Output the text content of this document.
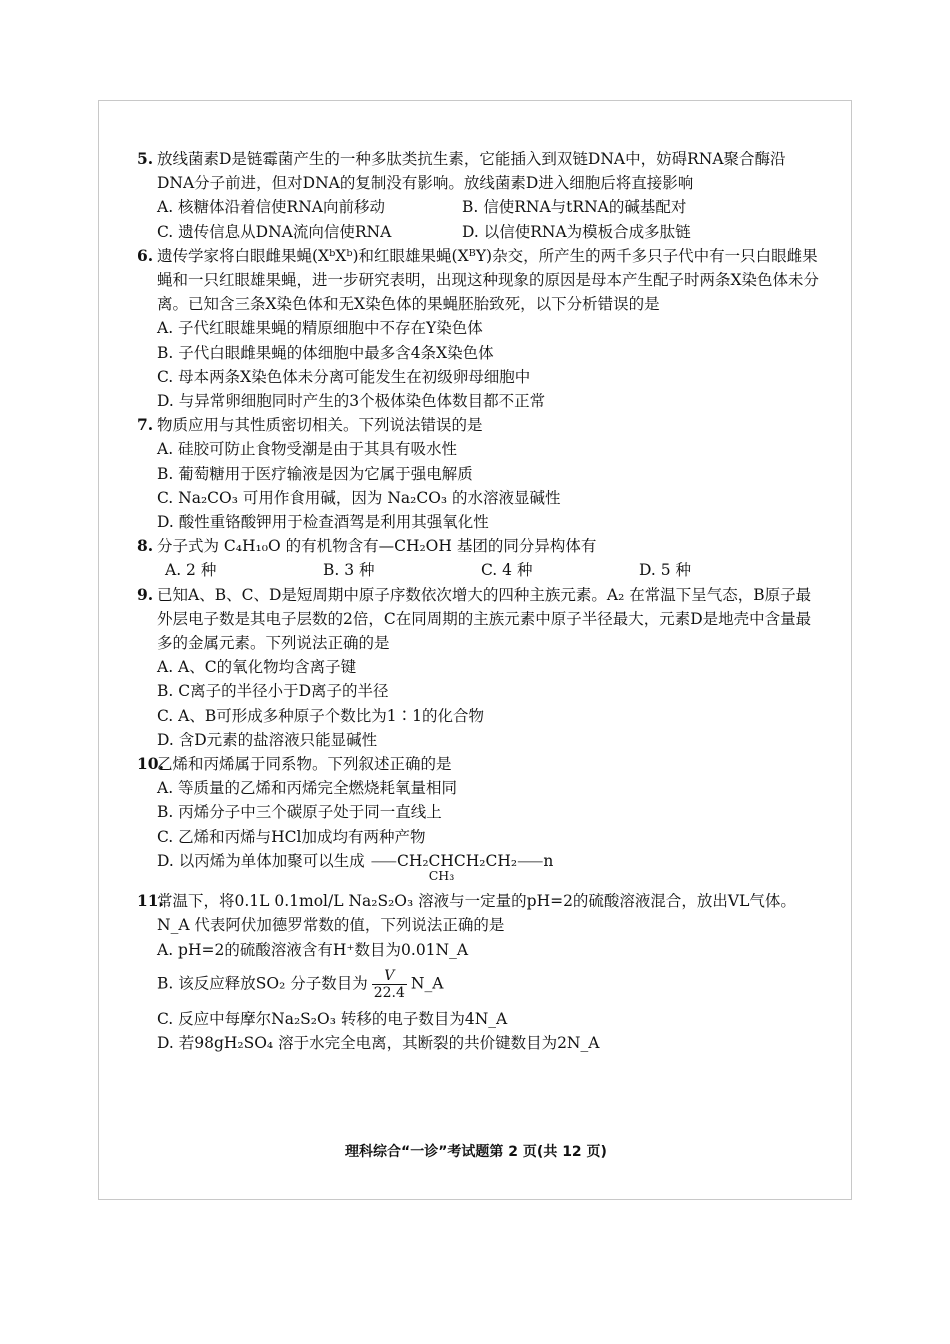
5. 放线菌素D是链霉菌产生的一种多肽类抗生素，它能插入到双链DNA中，妨碍RNA聚合酶沿DNA分子前进，但对DNA的复制没有影响。放线菌素D进入细胞后将直接影响
A. 核糖体沿着信使RNA向前移动	B. 信使RNA与tRNA的碱基配对
C. 遗传信息从DNA流向信使RNA	D. 以信使RNA为模板合成多肽链
6. 遗传学家将白眼雌果蝇(XᵇXᵇ)和红眼雄果蝇(XᴮY)杂交，所产生的两千多只子代中有一只白眼雌果蝇和一只红眼雄果蝇，进一步研究表明，出现这种现象的原因是母本产生配子时两条X染色体未分离。已知含三条X染色体和无X染色体的果蝇胚胎致死，以下分析错误的是
A. 子代红眼雄果蝇的精原细胞中不存在Y染色体
B. 子代白眼雌果蝇的体细胞中最多含4条X染色体
C. 母本两条X染色体未分离可能发生在初级卵母细胞中
D. 与异常卵细胞同时产生的3个极体染色体数目都不正常
7. 物质应用与其性质密切相关。下列说法错误的是
A. 硅胶可防止食物受潮是由于其具有吸水性
B. 葡萄糖用于医疗输液是因为它属于强电解质
C. Na₂CO₃ 可用作食用碱，因为 Na₂CO₃ 的水溶液显碱性
D. 酸性重铬酸钾用于检查酒驾是利用其强氧化性
8. 分子式为 C₄H₁₀O 的有机物含有—CH₂OH 基团的同分异构体有
A. 2 种	B. 3 种	C. 4 种	D. 5 种
9. 已知A、B、C、D是短周期中原子序数依次增大的四种主族元素。A₂ 在常温下呈气态，B原子最外层电子数是其电子层数的2倍，C在同周期的主族元素中原子半径最大，元素D是地壳中含量最多的金属元素。下列说法正确的是
A. A、C的氧化物均含离子键
B. C离子的半径小于D离子的半径
C. A、B可形成多种原子个数比为1∶1的化合物
D. 含D元素的盐溶液只能显碱性
10.乙烯和丙烯属于同系物。下列叙述正确的是
A. 等质量的乙烯和丙烯完全燃烧耗氧量相同
B. 丙烯分子中三个碳原子处于同一直线上
C. 乙烯和丙烯与HCl加成均有两种产物
D. 以丙烯为单体加聚可以生成 ⸺CH₂CHCH₂CH₂⸺n
CH₃
11.常温下，将0.1L 0.1mol/L Na₂S₂O₃ 溶液与一定量的pH=2的硫酸溶液混合，放出VL气体。N_A 代表阿伏加德罗常数的值，下列说法正确的是
A. pH=2的硫酸溶液含有H⁺数目为0.01N_A
B. 该反应释放SO₂ 分子数目为 $\frac{V}{22.4}$ N_A
C. 反应中每摩尔Na₂S₂O₃ 转移的电子数目为4N_A
D. 若98gH₂SO₄ 溶于水完全电离，其断裂的共价键数目为2N_A
理科综合“一诊”考试题第 2 页(共 12 页)
